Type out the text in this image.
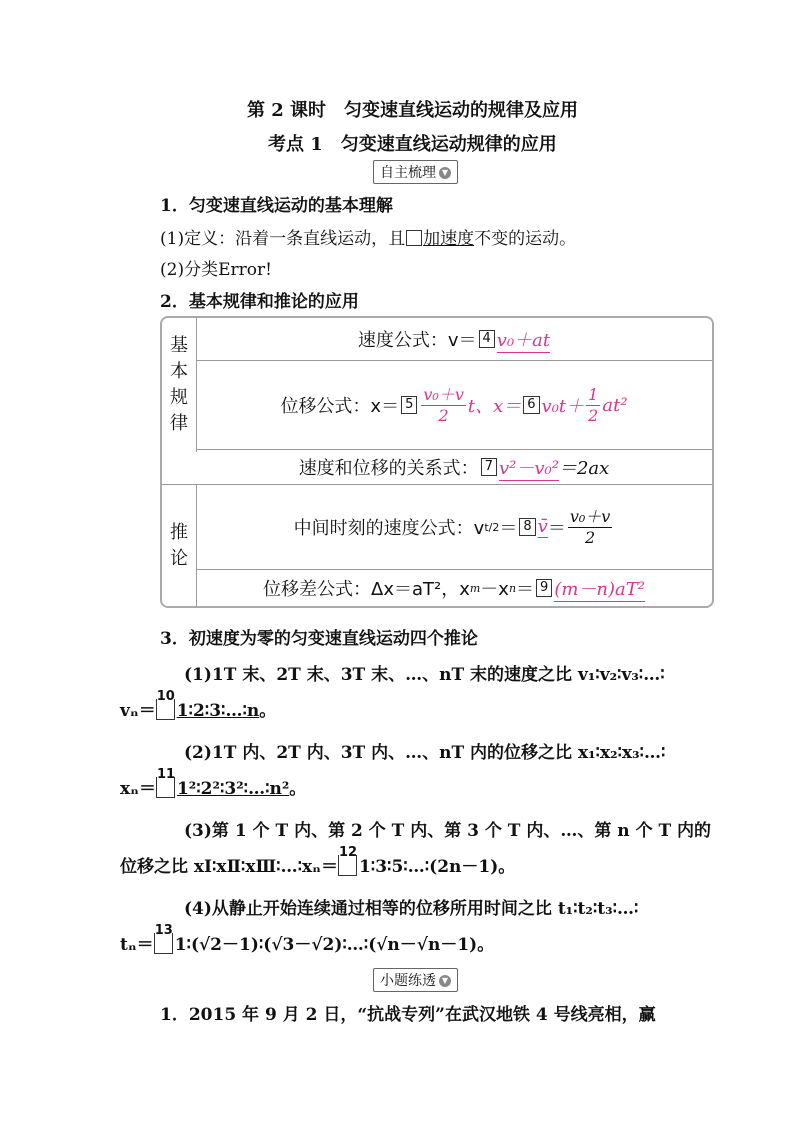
第 2 课时　匀变速直线运动的规律及应用
考点 1　匀变速直线运动规律的应用
自主梳理 ▼
1．匀变速直线运动的基本理解
(1)定义：沿着一条直线运动，且 加速度不变的运动。
(2)分类Error!
2．基本规律和推论的应用
基
本
规
律
推
论
速度公式：v＝ 4 v₀＋at
位移公式：$x= 5 \frac{\text{v₀＋v}}{2}$ t、x＝ 6 $v_0t+ \frac{1}{2} at^2$
速度和位移的关系式： 7 v²－v₀² ＝2ax
中间时刻的速度公式：v t/2 ＝ 8 v̄ ＝ $\frac{\text{v₀＋v}}{2}$
位移差公式：Δx＝aT²，x m －x n ＝ 9 (m－n)aT²
3．初速度为零的匀变速直线运动四个推论
(1)1T 末、2T 末、3T 末、…、nT 末的速度之比 v₁∶v₂∶v₃∶…∶
vₙ＝
10
1∶2∶3∶…∶n。
(2)1T 内、2T 内、3T 内、…、nT 内的位移之比 x₁∶x₂∶x₃∶…∶
xₙ＝
11
1²∶2²∶3²∶…∶n²。
(3)第 1 个 T 内、第 2 个 T 内、第 3 个 T 内、…、第 n 个 T 内的
位移之比 xⅠ∶xⅡ∶xⅢ∶…∶xₙ＝
12
1∶3∶5∶…∶(2n－1)。
(4)从静止开始连续通过相等的位移所用时间之比 t₁∶t₂∶t₃∶…∶
tₙ＝
13
1∶(√2－1)∶(√3－√2)∶…∶(√n－√n－1)。
小题练透 ▼
1．2015 年 9 月 2 日，“抗战专列”在武汉地铁 4 号线亮相，赢
